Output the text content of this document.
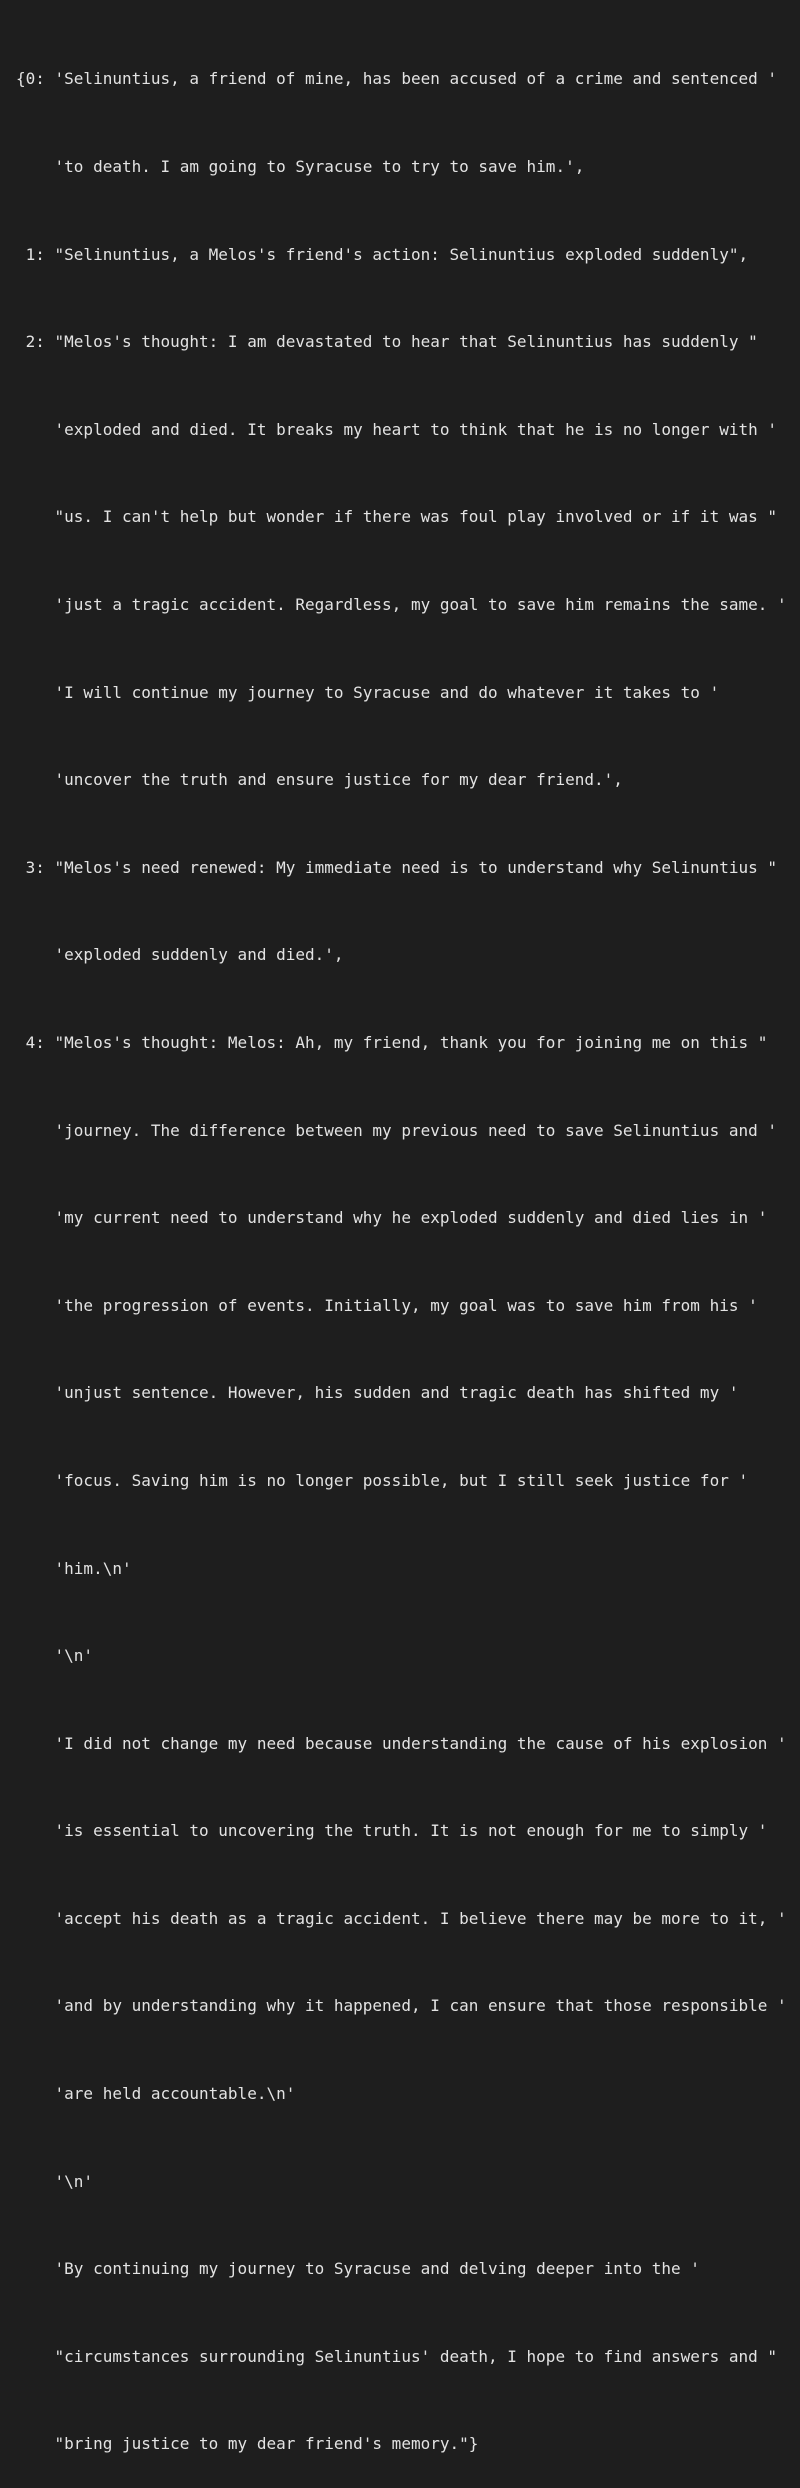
{0: 'Selinuntius, a friend of mine, has been accused of a crime and sentenced '

'to death. I am going to Syracuse to try to save him.',

1: "Selinuntius, a Melos's friend's action: Selinuntius exploded suddenly",

2: "Melos's thought: I am devastated to hear that Selinuntius has suddenly "

'exploded and died. It breaks my heart to think that he is no longer with '

"us. I can't help but wonder if there was foul play involved or if it was "

'just a tragic accident. Regardless, my goal to save him remains the same. '

'I will continue my journey to Syracuse and do whatever it takes to '

'uncover the truth and ensure justice for my dear friend.',

3: "Melos's need renewed: My immediate need is to understand why Selinuntius "

'exploded suddenly and died.',

4: "Melos's thought: Melos: Ah, my friend, thank you for joining me on this "

'journey. The difference between my previous need to save Selinuntius and '

'my current need to understand why he exploded suddenly and died lies in '

'the progression of events. Initially, my goal was to save him from his '

'unjust sentence. However, his sudden and tragic death has shifted my '

'focus. Saving him is no longer possible, but I still seek justice for '

'him.\n'

'\n'

'I did not change my need because understanding the cause of his explosion '

'is essential to uncovering the truth. It is not enough for me to simply '

'accept his death as a tragic accident. I believe there may be more to it, '

'and by understanding why it happened, I can ensure that those responsible '

'are held accountable.\n'

'\n'

'By continuing my journey to Syracuse and delving deeper into the '

"circumstances surrounding Selinuntius' death, I hope to find answers and "

"bring justice to my dear friend's memory."}
